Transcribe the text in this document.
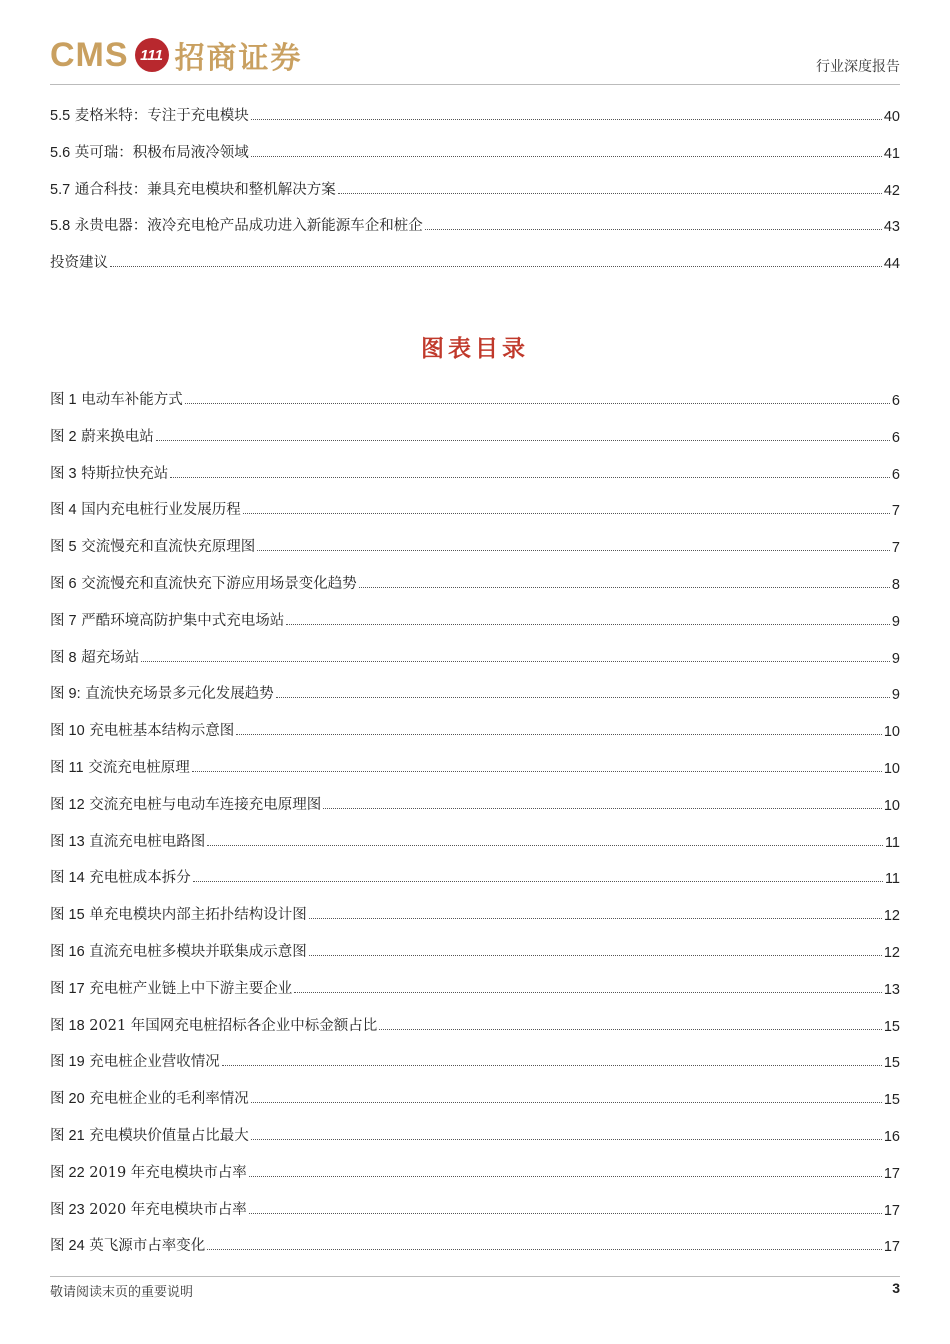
CMS 111 招商证券	行业深度报告
5.5 麦格米特：专注于充电模块	40
5.6 英可瑞：积极布局液冷领域	41
5.7 通合科技：兼具充电模块和整机解决方案	42
5.8 永贵电器：液冷充电枪产品成功进入新能源车企和桩企	43
投资建议	44
图表目录
图 1 电动车补能方式	6
图 2 蔚来换电站	6
图 3 特斯拉快充站	6
图 4 国内充电桩行业发展历程	7
图 5 交流慢充和直流快充原理图	7
图 6 交流慢充和直流快充下游应用场景变化趋势	8
图 7 严酷环境高防护集中式充电场站	9
图 8 超充场站	9
图 9: 直流快充场景多元化发展趋势	9
图 10 充电桩基本结构示意图	10
图 11 交流充电桩原理	10
图 12 交流充电桩与电动车连接充电原理图	10
图 13 直流充电桩电路图	11
图 14 充电桩成本拆分	11
图 15 单充电模块内部主拓扑结构设计图	12
图 16 直流充电桩多模块并联集成示意图	12
图 17 充电桩产业链上中下游主要企业	13
图 18 2021 年国网充电桩招标各企业中标金额占比	15
图 19 充电桩企业营收情况	15
图 20 充电桩企业的毛利率情况	15
图 21 充电模块价值量占比最大	16
图 22 2019 年充电模块市占率	17
图 23 2020 年充电模块市占率	17
图 24 英飞源市占率变化	17
敬请阅读末页的重要说明	3
